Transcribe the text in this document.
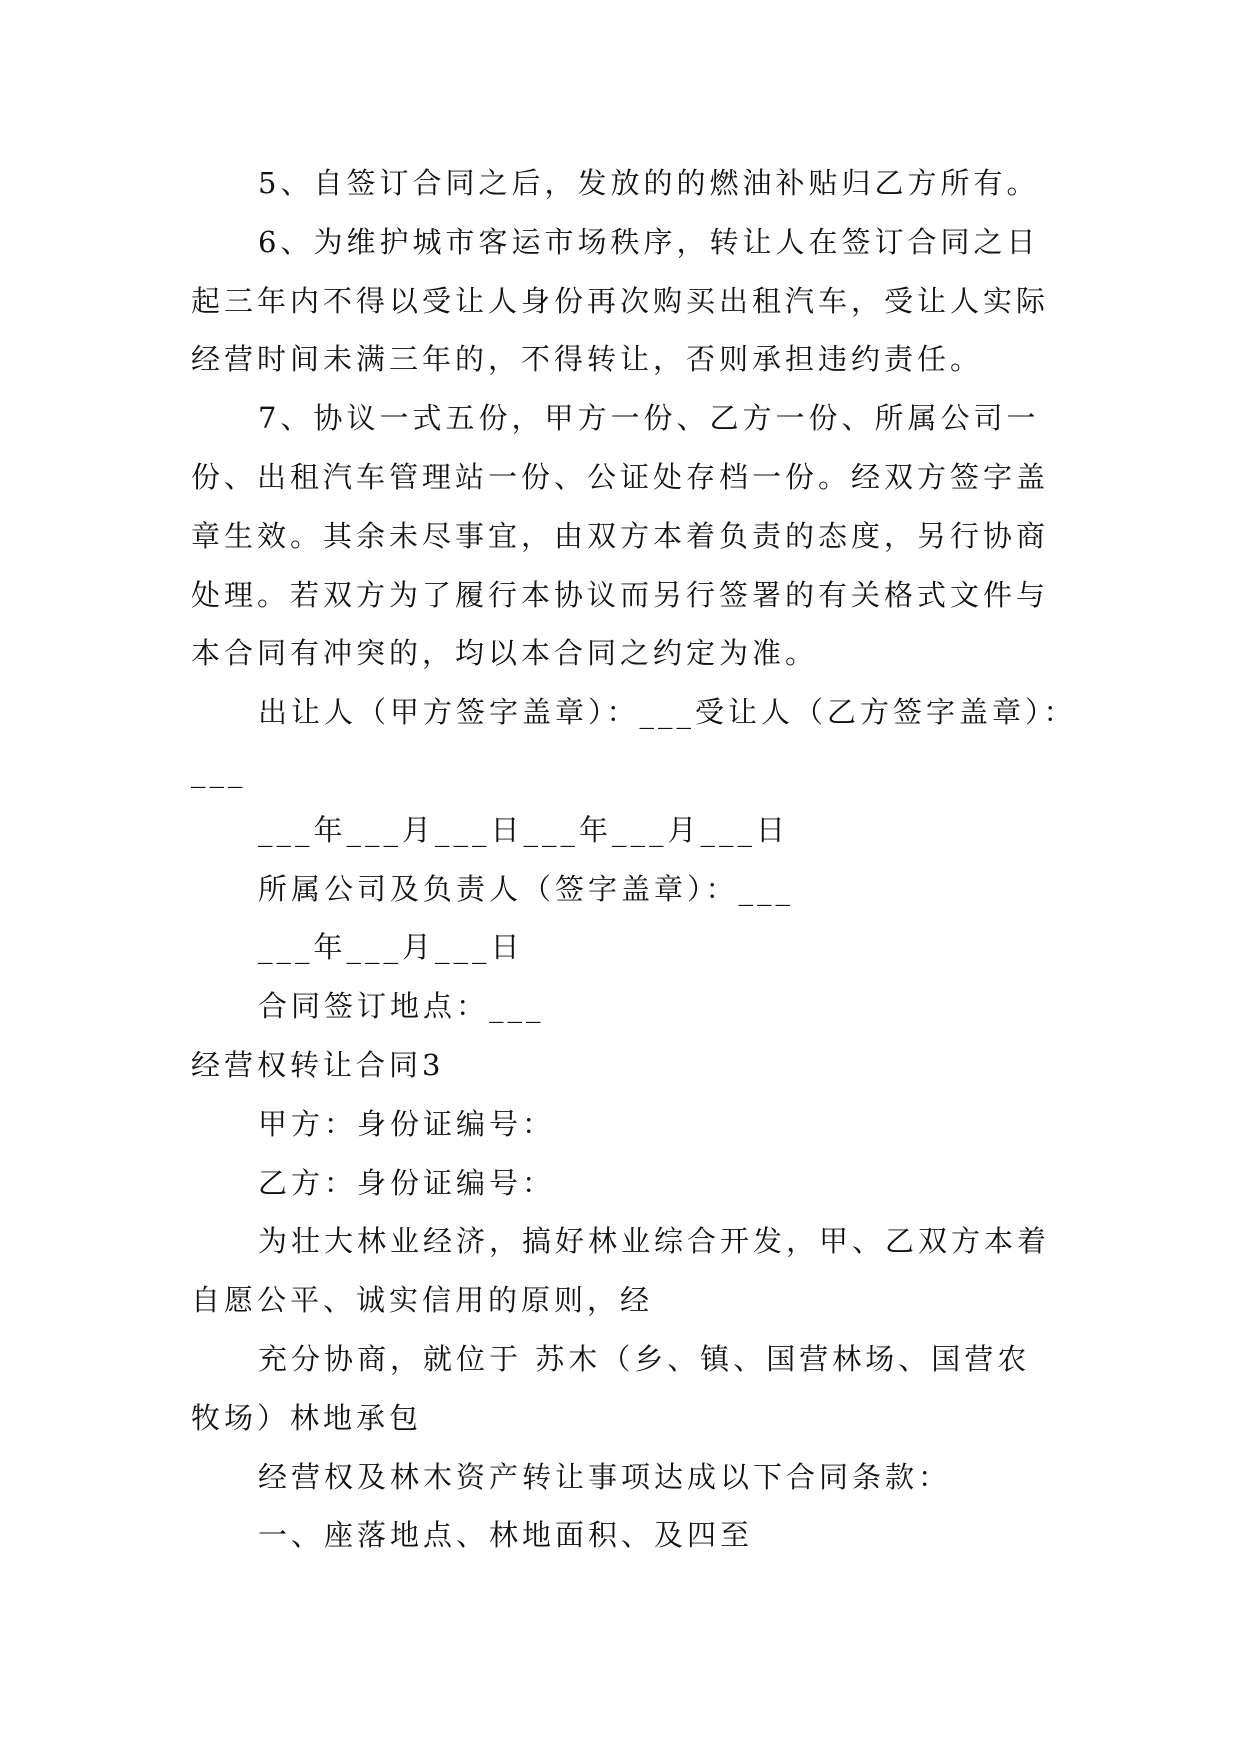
5、自签订合同之后，发放的的燃油补贴归乙方所有。
6、为维护城市客运市场秩序，转让人在签订合同之日
起三年内不得以受让人身份再次购买出租汽车，受让人实际
经营时间未满三年的，不得转让，否则承担违约责任。
7、协议一式五份，甲方一份、乙方一份、所属公司一
份、出租汽车管理站一份、公证处存档一份。经双方签字盖
章生效。其余未尽事宜，由双方本着负责的态度，另行协商
处理。若双方为了履行本协议而另行签署的有关格式文件与
本合同有冲突的，均以本合同之约定为准。
出让人（甲方签字盖章）：___受让人（乙方签字盖章）：
___
___年___月___日___年___月___日
所属公司及负责人（签字盖章）：___
___年___月___日
合同签订地点：___
经营权转让合同3
甲方：身份证编号：
乙方：身份证编号：
为壮大林业经济，搞好林业综合开发，甲、乙双方本着
自愿公平、诚实信用的原则，经
充分协商，就位于 苏木（乡、镇、国营林场、国营农
牧场）林地承包
经营权及林木资产转让事项达成以下合同条款：
一、座落地点、林地面积、及四至
